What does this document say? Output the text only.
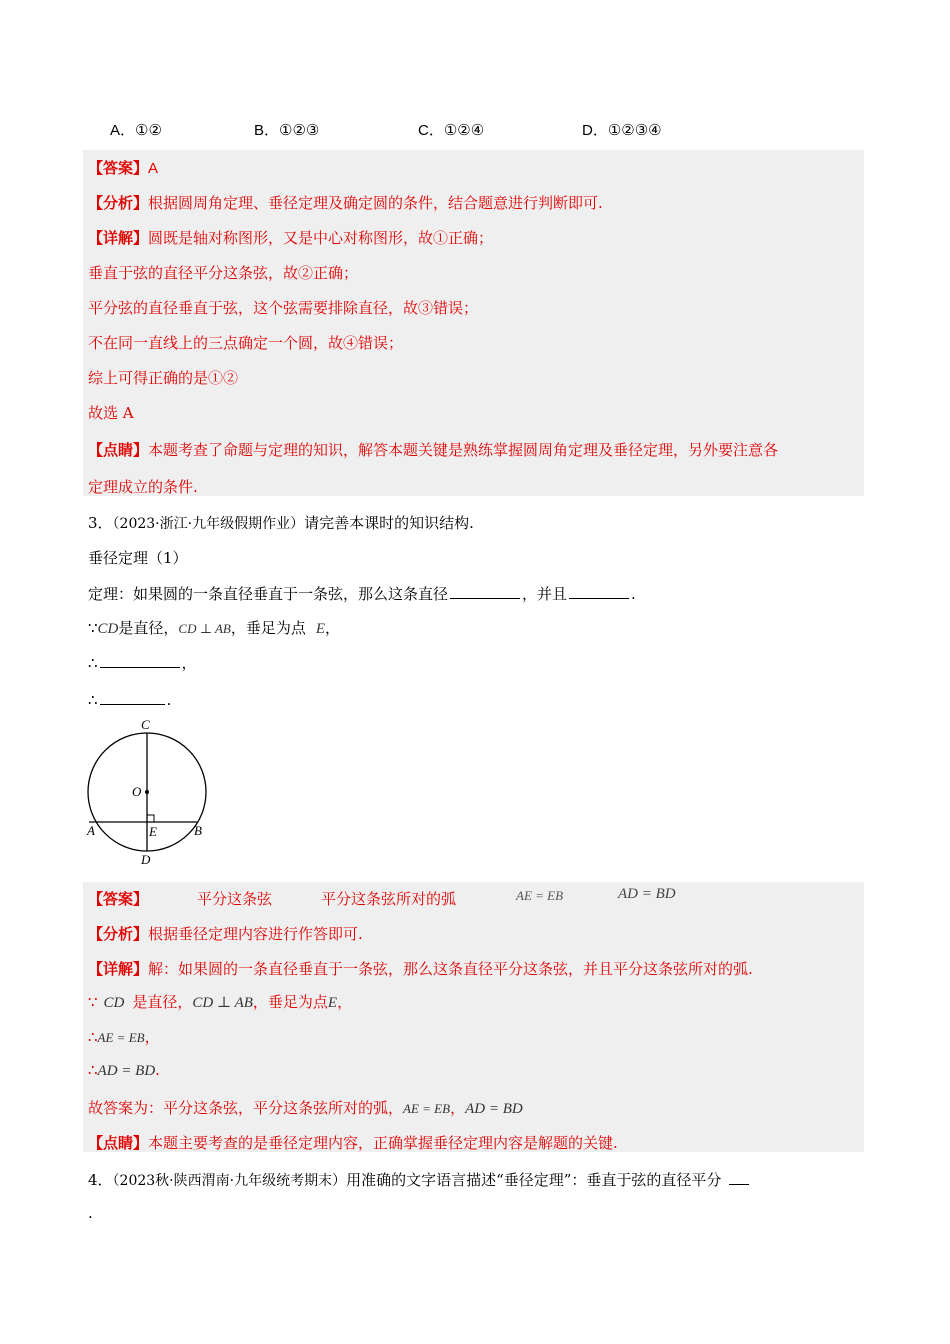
A．①②	B．①②③	C．①②④	D．①②③④
【答案】A
【分析】根据圆周角定理、垂径定理及确定圆的条件，结合题意进行判断即可.
【详解】圆既是轴对称图形，又是中心对称图形，故①正确；
垂直于弦的直径平分这条弦，故②正确；
平分弦的直径垂直于弦，这个弦需要排除直径，故③错误；
不在同一直线上的三点确定一个圆，故④错误；
综上可得正确的是①②
故选 A
【点睛】本题考查了命题与定理的知识，解答本题关键是熟练掌握圆周角定理及垂径定理，另外要注意各
定理成立的条件.
3．（2023·浙江·九年级假期作业）请完善本课时的知识结构.
垂径定理（1）
定理：如果圆的一条直径垂直于一条弦，那么这条直径	，并且	.
∵CD是直径，CD ⊥ AB，垂足为点 E，
∴	，
∴	.
C
O
A	E	B
D
【答案】	平分这条弦	平分这条弦所对的弧	AE = EB	AD = BD
【分析】根据垂径定理内容进行作答即可.
【详解】解：如果圆的一条直径垂直于一条弦，那么这条直径平分这条弦，并且平分这条弦所对的弧.
∵ CD 是直径，CD ⊥ AB，垂足为点E，
∴AE = EB，
∴AD = BD.
故答案为：平分这条弦，平分这条弦所对的弧，AE = EB，AD = BD
【点睛】本题主要考查的是垂径定理内容，正确掌握垂径定理内容是解题的关键.
4．（2023秋·陕西渭南·九年级统考期末）用准确的文字语言描述“垂径定理”：垂直于弦的直径平分
.
